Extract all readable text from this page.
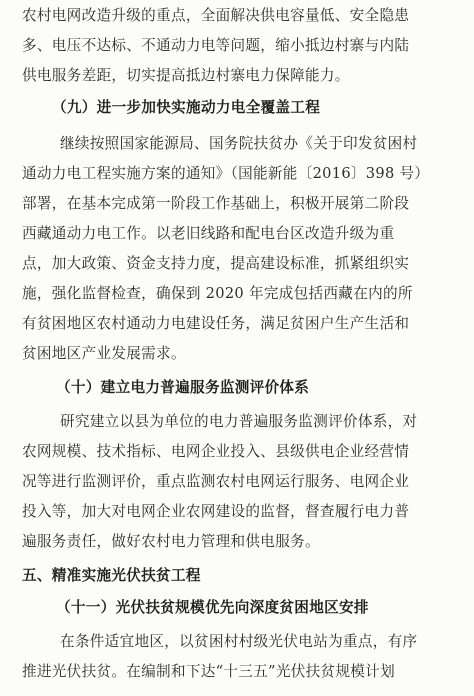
农村电网改造升级的重点，全面解决供电容量低、安全隐患
多、电压不达标、不通动力电等问题，缩小抵边村寨与内陆
供电服务差距，切实提高抵边村寨电力保障能力。
（九）进一步加快实施动力电全覆盖工程
继续按照国家能源局、国务院扶贫办《关于印发贫困村
通动力电工程实施方案的通知》（国能新能〔2016〕398 号）
部署，在基本完成第一阶段工作基础上，积极开展第二阶段
西藏通动力电工作。以老旧线路和配电台区改造升级为重
点，加大政策、资金支持力度，提高建设标准，抓紧组织实
施，强化监督检查，确保到 2020 年完成包括西藏在内的所
有贫困地区农村通动力电建设任务，满足贫困户生产生活和
贫困地区产业发展需求。
（十）建立电力普遍服务监测评价体系
研究建立以县为单位的电力普遍服务监测评价体系，对
农网规模、技术指标、电网企业投入、县级供电企业经营情
况等进行监测评价，重点监测农村电网运行服务、电网企业
投入等，加大对电网企业农网建设的监督，督查履行电力普
遍服务责任，做好农村电力管理和供电服务。
五、精准实施光伏扶贫工程
（十一）光伏扶贫规模优先向深度贫困地区安排
在条件适宜地区，以贫困村村级光伏电站为重点，有序
推进光伏扶贫。在编制和下达“十三五”光伏扶贫规模计划
